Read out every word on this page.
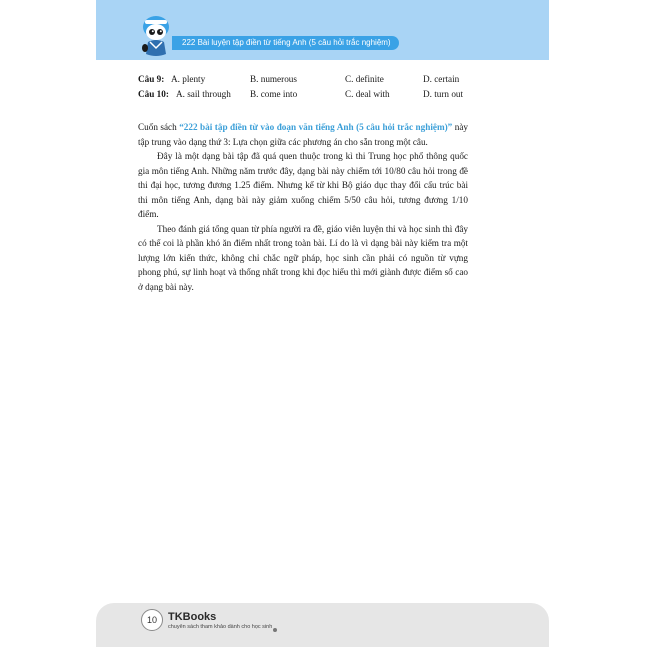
222 Bài luyện tập điền từ tiếng Anh (5 câu hỏi trắc nghiệm)
Câu 9: A. plenty	B. numerous	C. definite	D. certain
Câu 10: A. sail through B. come into	C. deal with	D. turn out

Cuốn sách “222 bài tập điền từ vào đoạn văn tiếng Anh (5 câu hỏi trắc nghiệm)” này tập trung vào dạng thứ 3: Lựa chọn giữa các phương án cho sẵn trong một câu.

Đây là một dạng bài tập đã quá quen thuộc trong kì thi Trung học phổ thông quốc gia môn tiếng Anh. Những năm trước đây, dạng bài này chiếm tới 10/80 câu hỏi trong đề thi đại học, tương đương 1.25 điểm. Nhưng kể từ khi Bộ giáo dục thay đổi cấu trúc bài thi môn tiếng Anh, dạng bài này giảm xuống chiếm 5/50 câu hỏi, tương đương 1/10 điểm.

Theo đánh giá tổng quan từ phía người ra đề, giáo viên luyện thi và học sinh thì đây có thể coi là phần khó ăn điểm nhất trong toàn bài. Lí do là vì dạng bài này kiểm tra một lượng lớn kiến thức, không chỉ chắc ngữ pháp, học sinh cần phải có nguồn từ vựng phong phú, sự linh hoạt và thống nhất trong khi đọc hiểu thì mới giành được điểm số cao ở dạng bài này.

10	TKBooks
chuyên sách tham khảo dành cho học sinh
